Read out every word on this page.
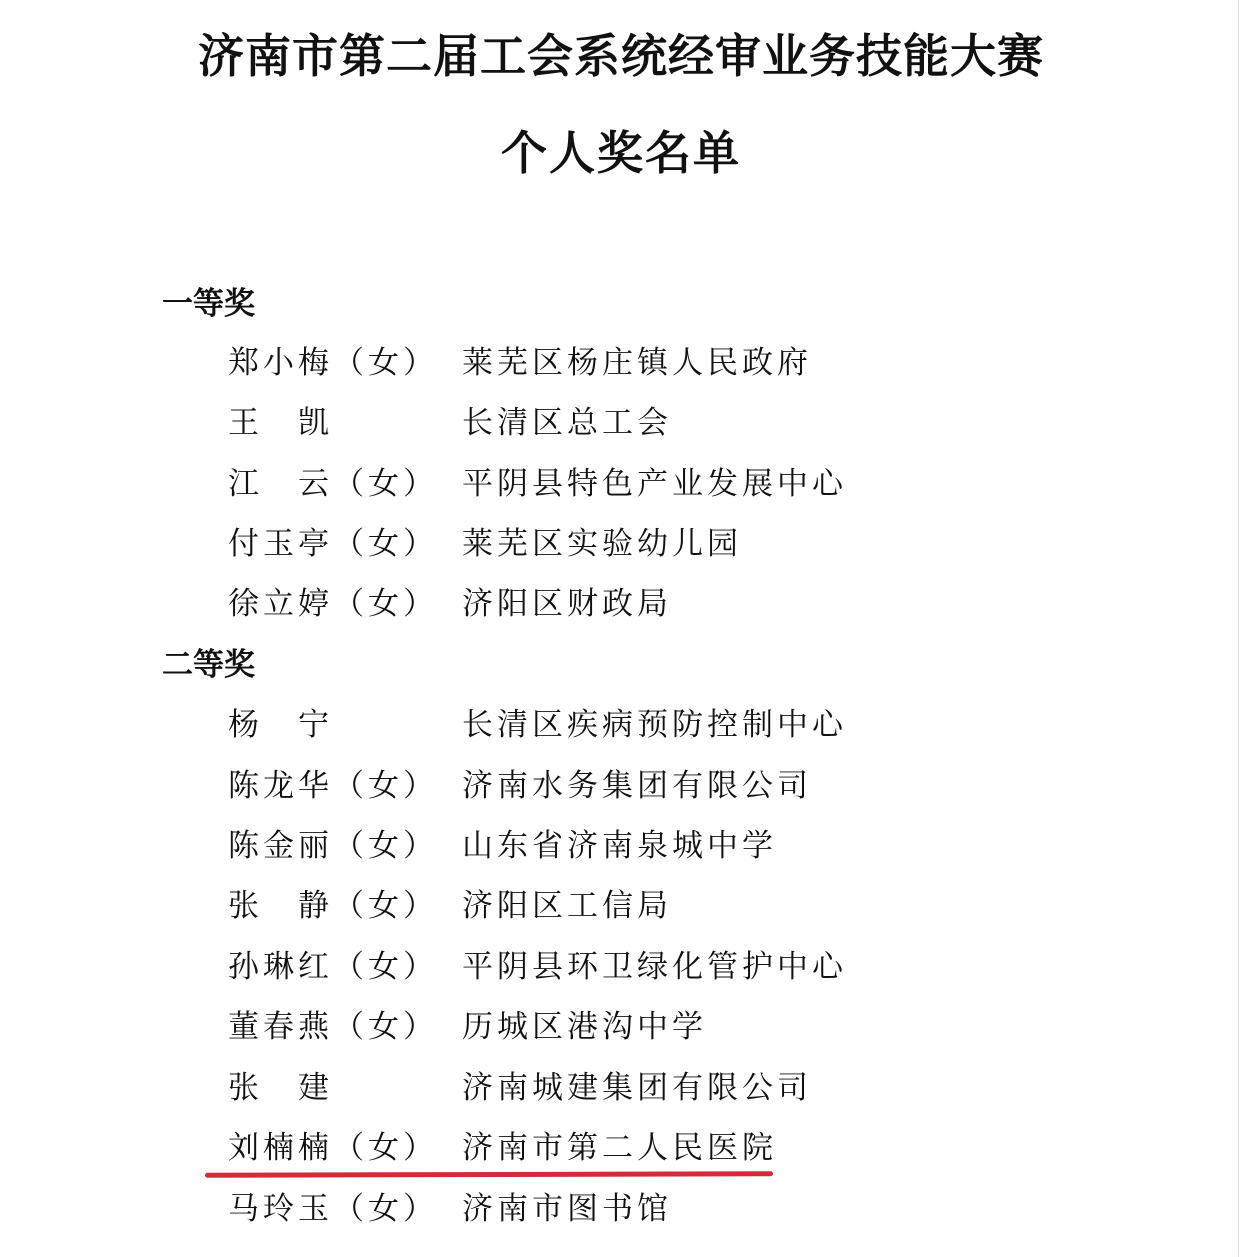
济南市第二届工会系统经审业务技能大赛
个人奖名单
一等奖
郑小梅（女） 莱芜区杨庄镇人民政府
王　凯	长清区总工会
江　云（女） 平阴县特色产业发展中心
付玉亭（女） 莱芜区实验幼儿园
徐立婷（女） 济阳区财政局
二等奖
杨　宁	长清区疾病预防控制中心
陈龙华（女） 济南水务集团有限公司
陈金丽（女） 山东省济南泉城中学
张　静（女） 济阳区工信局
孙琳红（女） 平阴县环卫绿化管护中心
董春燕（女） 历城区港沟中学
张　建	济南城建集团有限公司
刘楠楠（女） 济南市第二人民医院
马玲玉（女） 济南市图书馆
